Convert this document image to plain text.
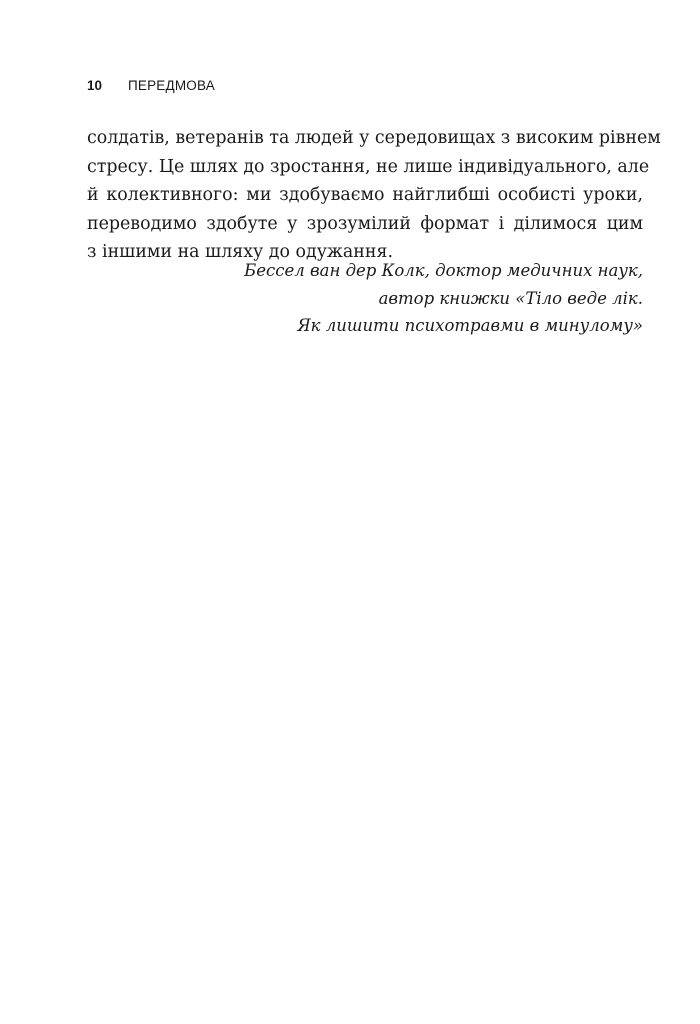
10	ПЕРЕДМОВА

солдатів, ветеранів та людей у середовищах з високим рівнем
стресу. Це шлях до зростання, не лише індивідуального, але
й колективного: ми здобуваємо найглибші особисті уроки,
переводимо здобуте у зрозумілий формат і ділимося цим
з іншими на шляху до одужання.

Бессел ван дер Колк, доктор медичних наук,
автор книжки «Тіло веде лік.
Як лишити психотравми в минулому»
